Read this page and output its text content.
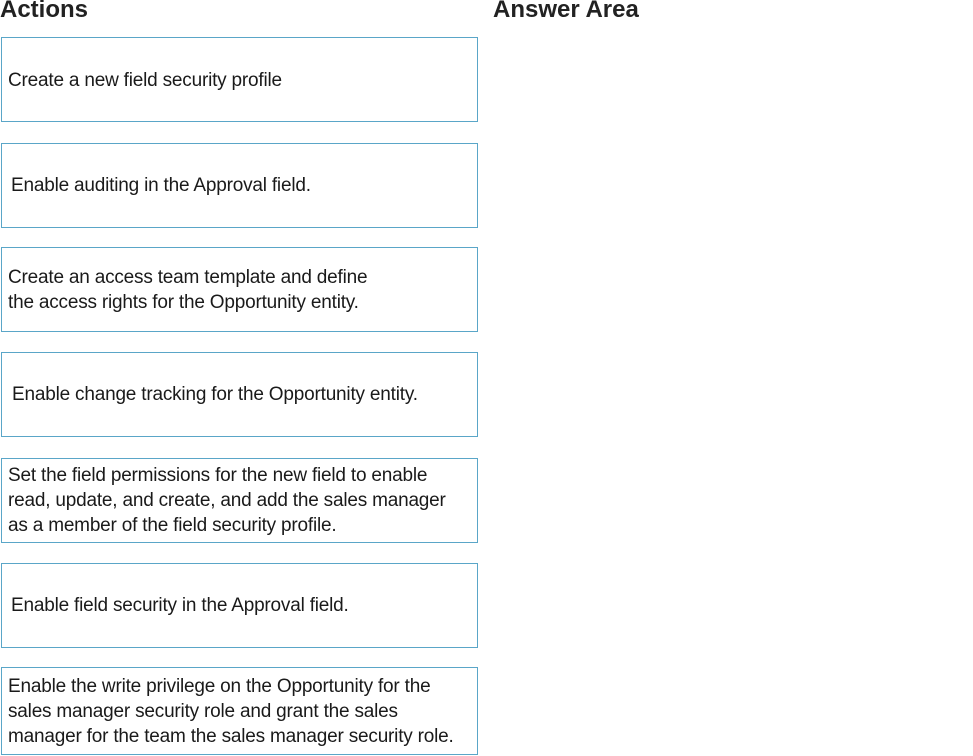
Actions	Answer Area
Create a new field security profile
Enable auditing in the Approval field.
Create an access team template and define
the access rights for the Opportunity entity.
Enable change tracking for the Opportunity entity.
Set the field permissions for the new field to enable
read, update, and create, and add the sales manager
as a member of the field security profile.
Enable field security in the Approval field.
Enable the write privilege on the Opportunity for the
sales manager security role and grant the sales
manager for the team the sales manager security role.
